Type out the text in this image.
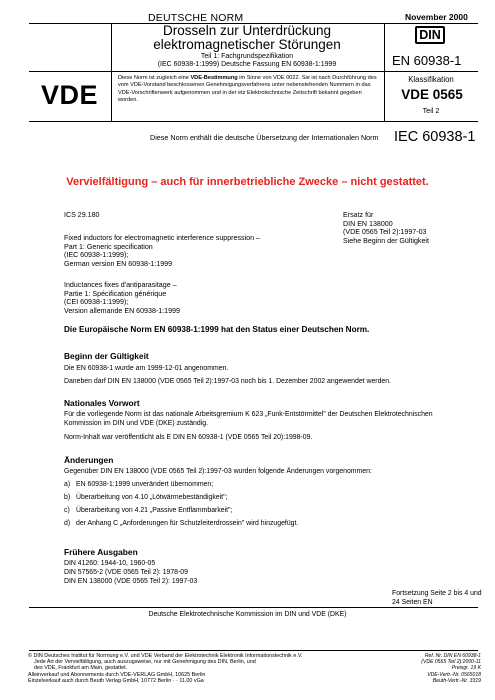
DEUTSCHE NORM	November 2000
Drosseln zur Unterdrückung
elektromagnetischer Störungen
Teil 1: Fachgrundspezifikation
(IEC 60938-1:1999) Deutsche Fassung EN 60938-1:1999
DIN
EN 60938-1
VDE
Diese Norm ist zugleich eine VDE-Bestimmung im Sinne von VDE 0022. Sie ist nach Durchführung des vom VDE-Vorstand beschlossenen Genehmigungsverfahrens unter nebenstehenden Nummern in das VDE-Vorschriftenwerk aufgenommen und in der etz Elektrotechnische Zeitschrift bekannt gegeben worden.
Klassifikation
VDE 0565
Teil 2
Diese Norm enthält die deutsche Übersetzung der Internationalen Norm IEC 60938-1
Vervielfältigung – auch für innerbetriebliche Zwecke – nicht gestattet.
ICS 29.180	Ersatz für
DIN EN 138000
(VDE 0565 Teil 2):1997-03
Siehe Beginn der Gültigkeit
Fixed inductors for electromagnetic interference suppression –
Part 1: Generic specification
(IEC 60938-1:1999);
German version EN 60938-1:1999
Inductances fixes d'antiparasitage –
Partie 1: Spécification générique
(CEI 60938-1:1999);
Version allemande EN 60938-1:1999
Die Europäische Norm EN 60938-1:1999 hat den Status einer Deutschen Norm.
Beginn der Gültigkeit
Die EN 60938-1 wurde am 1999-12-01 angenommen.
Daneben darf DIN EN 138000 (VDE 0565 Teil 2):1997-03 noch bis 1. Dezember 2002 angewendet werden.
Nationales Vorwort
Für die vorliegende Norm ist das nationale Arbeitsgremium K 623 „Funk-Entstörmittel" der Deutschen Elektrotechnischen
Kommission im DIN und VDE (DKE) zuständig.
Norm-Inhalt war veröffentlicht als E DIN EN 60938-1 (VDE 0565 Teil 20):1998-09.
Änderungen
Gegenüber DIN EN 138000 (VDE 0565 Teil 2):1997-03 wurden folgende Änderungen vorgenommen:
a) EN 60938-1:1999 unverändert übernommen;
b) Überarbeitung von 4.10 „Lötwärmebeständigkeit";
c) Überarbeitung von 4.21 „Passive Entflammbarkeit";
d) der Anhang C „Anforderungen für Schutzleiterdrossein" wird hinzugefügt.
Frühere Ausgaben
DIN 41260: 1944-10, 1960-05
DIN 57565-2 (VDE 0565 Teil 2): 1978-09
DIN EN 138000 (VDE 0565 Teil 2): 1997-03
Fortsetzung Seite 2 bis 4 und
24 Seiten EN
Deutsche Elektrotechnische Kommission im DIN und VDE (DKE)
© DIN Deutsches Institut für Normung e.V. und VDE Verband der Elektrotechnik Elektronik Informationstechnik e.V.
Jede Art der Vervielfältigung, auch auszugsweise, nur mit Genehmigung des DIN, Berlin, und
des VDE, Frankfurt am Main, gestattet.
Alleinverkauf und Abonnements durch VDE-VERLAG GmbH, 10625 Berlin
Einzelverkauf auch durch Beuth Verlag GmbH, 10772 Berlin · · 11.00 vGa
Ref. Nr. DIN EN 60938-1
(VDE 0565 Teil 2):2000-11
Preisgr. 19 K
VDE-Vertr.-Nr. 0565018
Beuth-Vertr.-Nr. 3319
